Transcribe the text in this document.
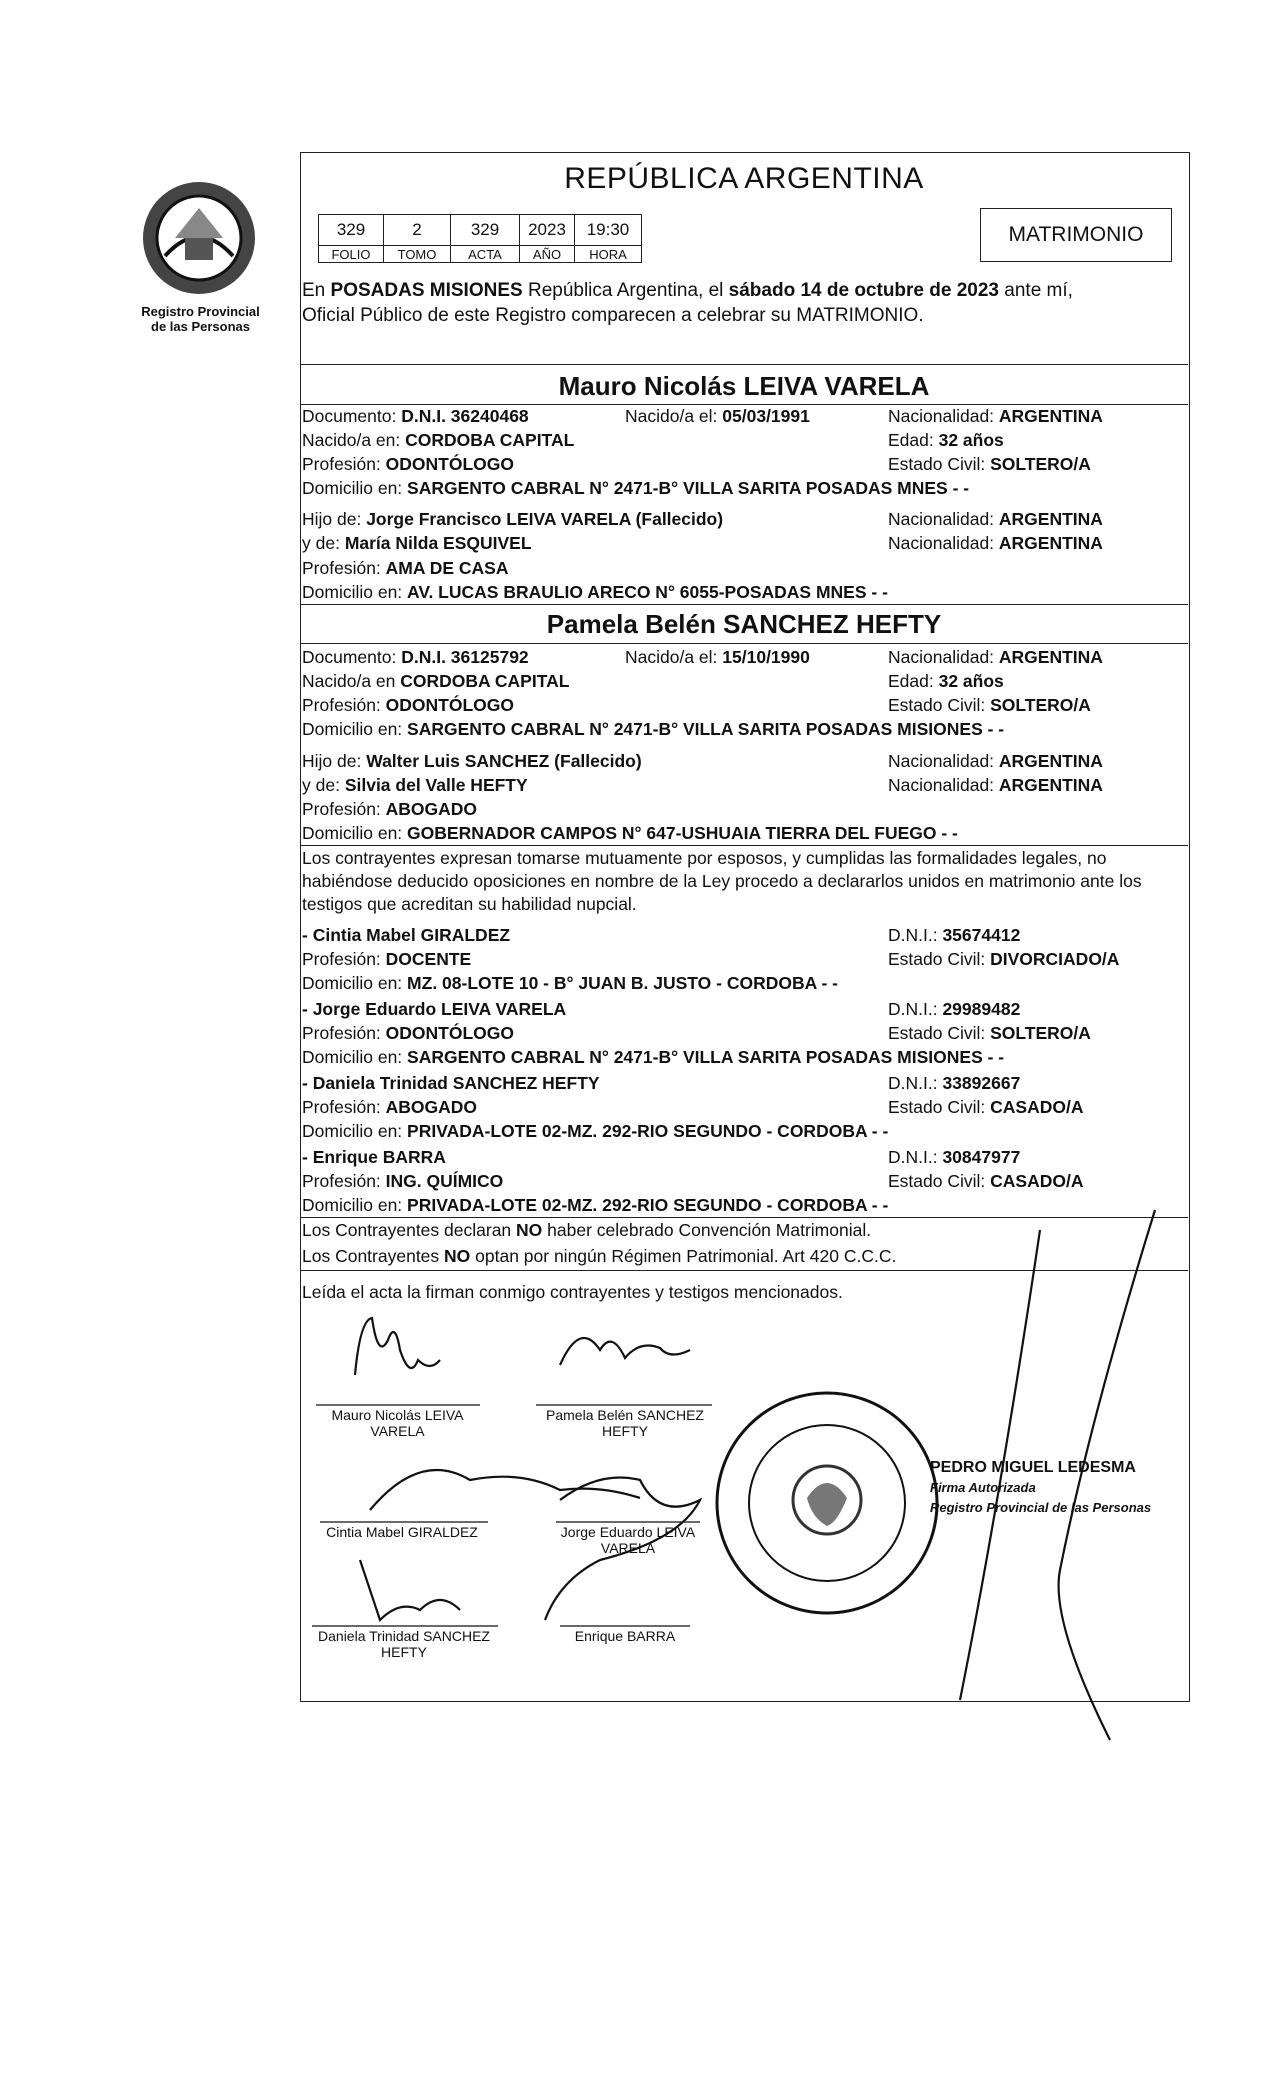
Registro Provincial
de las Personas
REPÚBLICA ARGENTINA
329	2	329	2023	19:30
FOLIO	TOMO	ACTA	AÑO	HORA
MATRIMONIO
En POSADAS MISIONES República Argentina, el sábado 14 de octubre de 2023 ante mí,
Oficial Público de este Registro comparecen a celebrar su MATRIMONIO.
Mauro Nicolás LEIVA VARELA
Documento: D.N.I. 36240468	Nacido/a el: 05/03/1991	Nacionalidad: ARGENTINA
Nacido/a en: CORDOBA CAPITAL	Edad: 32 años
Profesión: ODONTÓLOGO	Estado Civil: SOLTERO/A
Domicilio en: SARGENTO CABRAL N° 2471-B° VILLA SARITA POSADAS MNES - -
Hijo de: Jorge Francisco LEIVA VARELA (Fallecido)	Nacionalidad: ARGENTINA
y de: María Nilda ESQUIVEL	Nacionalidad: ARGENTINA
Profesión: AMA DE CASA
Domicilio en: AV. LUCAS BRAULIO ARECO N° 6055-POSADAS MNES - -
Pamela Belén SANCHEZ HEFTY
Documento: D.N.I. 36125792	Nacido/a el: 15/10/1990	Nacionalidad: ARGENTINA
Nacido/a en CORDOBA CAPITAL	Edad: 32 años
Profesión: ODONTÓLOGO	Estado Civil: SOLTERO/A
Domicilio en: SARGENTO CABRAL N° 2471-B° VILLA SARITA POSADAS MISIONES - -
Hijo de: Walter Luis SANCHEZ (Fallecido)	Nacionalidad: ARGENTINA
y de: Silvia del Valle HEFTY	Nacionalidad: ARGENTINA
Profesión: ABOGADO
Domicilio en: GOBERNADOR CAMPOS N° 647-USHUAIA TIERRA DEL FUEGO - -
Los contrayentes expresan tomarse mutuamente por esposos, y cumplidas las formalidades legales, no habiéndose deducido oposiciones en nombre de la Ley procedo a declararlos unidos en matrimonio ante los testigos que acreditan su habilidad nupcial.
- Cintia Mabel GIRALDEZ	D.N.I.: 35674412
Profesión: DOCENTE	Estado Civil: DIVORCIADO/A
Domicilio en: MZ. 08-LOTE 10 - B° JUAN B. JUSTO - CORDOBA - -
- Jorge Eduardo LEIVA VARELA	D.N.I.: 29989482
Profesión: ODONTÓLOGO	Estado Civil: SOLTERO/A
Domicilio en: SARGENTO CABRAL N° 2471-B° VILLA SARITA POSADAS MISIONES - -
- Daniela Trinidad SANCHEZ HEFTY	D.N.I.: 33892667
Profesión: ABOGADO	Estado Civil: CASADO/A
Domicilio en: PRIVADA-LOTE 02-MZ. 292-RIO SEGUNDO - CORDOBA - -
- Enrique BARRA	D.N.I.: 30847977
Profesión: ING. QUÍMICO	Estado Civil: CASADO/A
Domicilio en: PRIVADA-LOTE 02-MZ. 292-RIO SEGUNDO - CORDOBA - -
Los Contrayentes declaran NO haber celebrado Convención Matrimonial.
Los Contrayentes NO optan por ningún Régimen Patrimonial. Art 420 C.C.C.
Leída el acta la firman conmigo contrayentes y testigos mencionados.
Mauro Nicolás LEIVA
VARELA
Pamela Belén SANCHEZ
HEFTY
Cintia Mabel GIRALDEZ	Jorge Eduardo LEIVA
VARELA
Daniela Trinidad SANCHEZ
HEFTY
Enrique BARRA
PEDRO MIGUEL LEDESMA
Firma Autorizada
Registro Provincial de las Personas
